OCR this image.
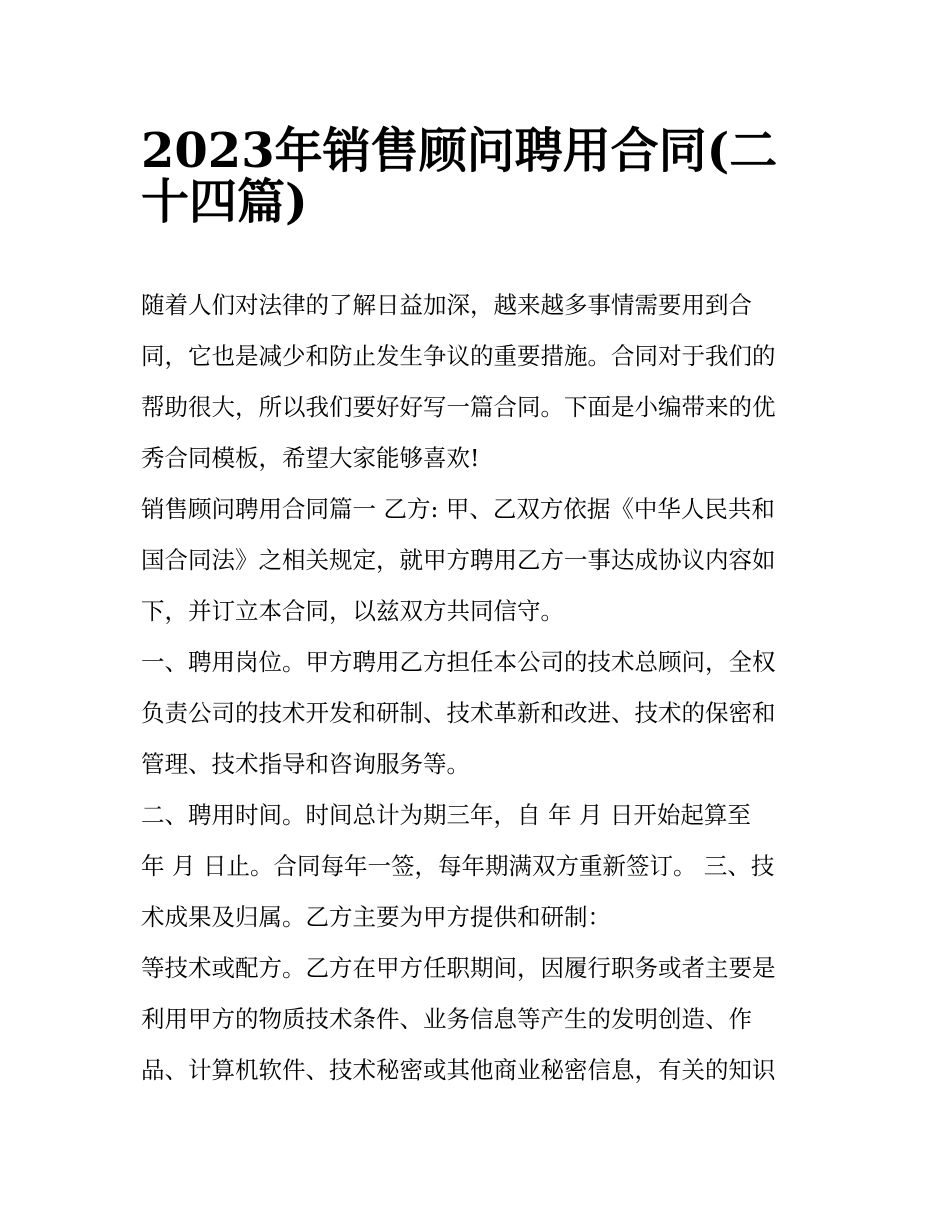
2023年销售顾问聘用合同(二
十四篇)
随着人们对法律的了解日益加深，越来越多事情需要用到合
同，它也是减少和防止发生争议的重要措施。合同对于我们的
帮助很大，所以我们要好好写一篇合同。下面是小编带来的优
秀合同模板，希望大家能够喜欢!
销售顾问聘用合同篇一 乙方: 甲、乙双方依据《中华人民共和
国合同法》之相关规定，就甲方聘用乙方一事达成协议内容如
下，并订立本合同，以兹双方共同信守。
一、聘用岗位。甲方聘用乙方担任本公司的技术总顾问，全权
负责公司的技术开发和研制、技术革新和改进、技术的保密和
管理、技术指导和咨询服务等。
二、聘用时间。时间总计为期三年，自 年 月 日开始起算至
年 月 日止。合同每年一签，每年期满双方重新签订。 三、技
术成果及归属。乙方主要为甲方提供和研制：
等技术或配方。乙方在甲方任职期间，因履行职务或者主要是
利用甲方的物质技术条件、业务信息等产生的发明创造、作
品、计算机软件、技术秘密或其他商业秘密信息，有关的知识
